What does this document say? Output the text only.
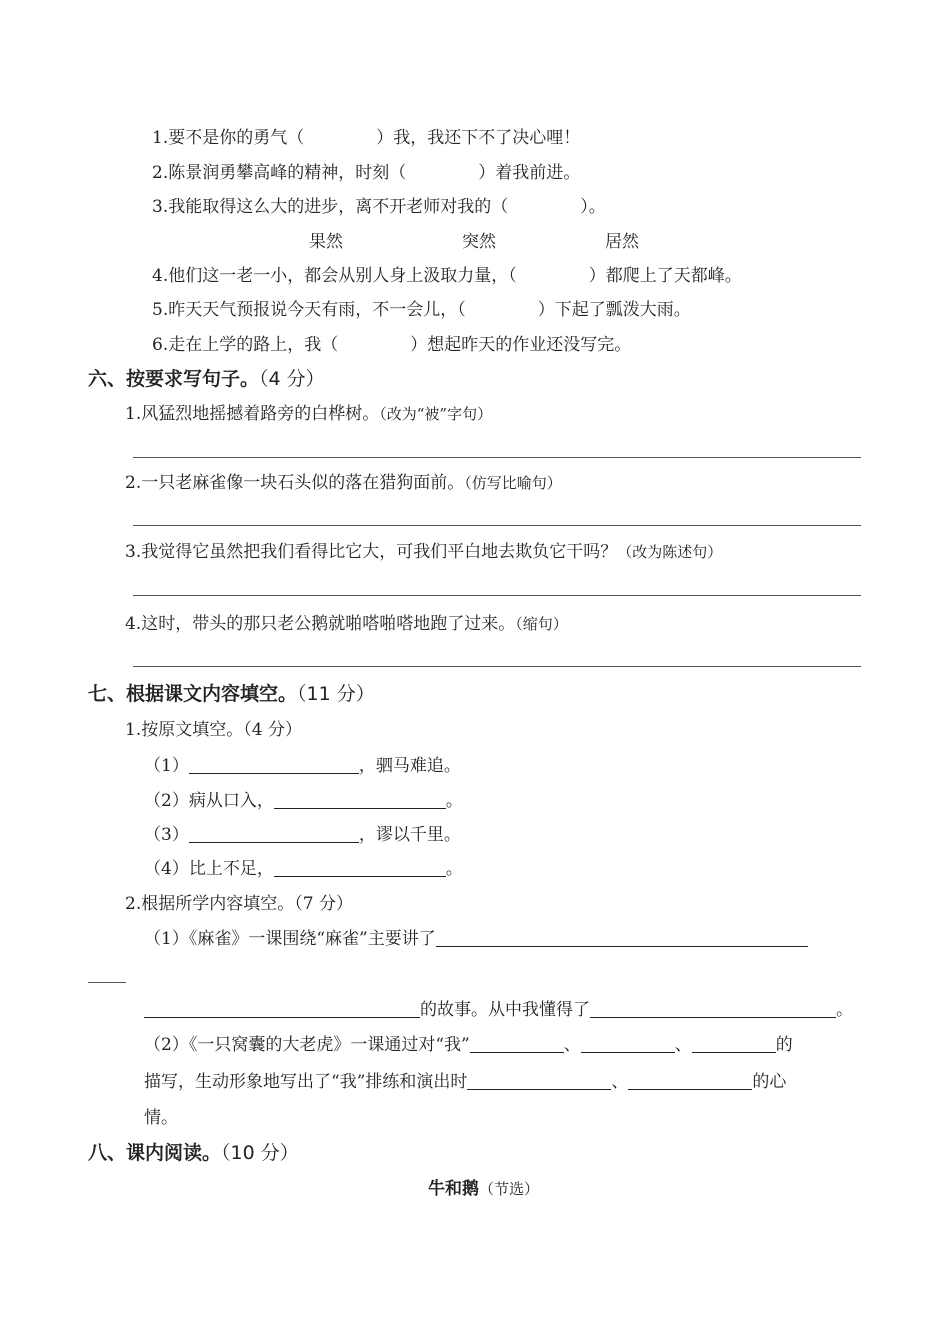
1.要不是你的勇气（	）我，我还下不了决心哩！
2.陈景润勇攀高峰的精神，时刻（	）着我前进。
3.我能取得这么大的进步，离不开老师对我的（	）。
果然	突然	居然
4.他们这一老一小，都会从别人身上汲取力量，（	）都爬上了天都峰。
5.昨天天气预报说今天有雨，不一会儿，（	）下起了瓢泼大雨。
6.走在上学的路上，我（	）想起昨天的作业还没写完。
六、按要求写句子。（4 分）
1.风猛烈地摇撼着路旁的白桦树。（改为“被”字句）
2.一只老麻雀像一块石头似的落在猎狗面前。（仿写比喻句）
3.我觉得它虽然把我们看得比它大，可我们平白地去欺负它干吗？（改为陈述句）
4.这时，带头的那只老公鹅就啪嗒啪嗒地跑了过来。（缩句）
七、根据课文内容填空。（11 分）
1.按原文填空。（4 分）
（1）	，驷马难追。
（2）病从口入，	。
（3）	，谬以千里。
（4）比上不足，	。
2.根据所学内容填空。（7 分）
（1）《麻雀》一课围绕“麻雀”主要讲了
的故事。从中我懂得了	。
（2）《一只窝囊的大老虎》一课通过对“我”	、	、	的
描写，生动形象地写出了“我”排练和演出时	、	的心
情。
八、课内阅读。（10 分）
牛和鹅（节选）
